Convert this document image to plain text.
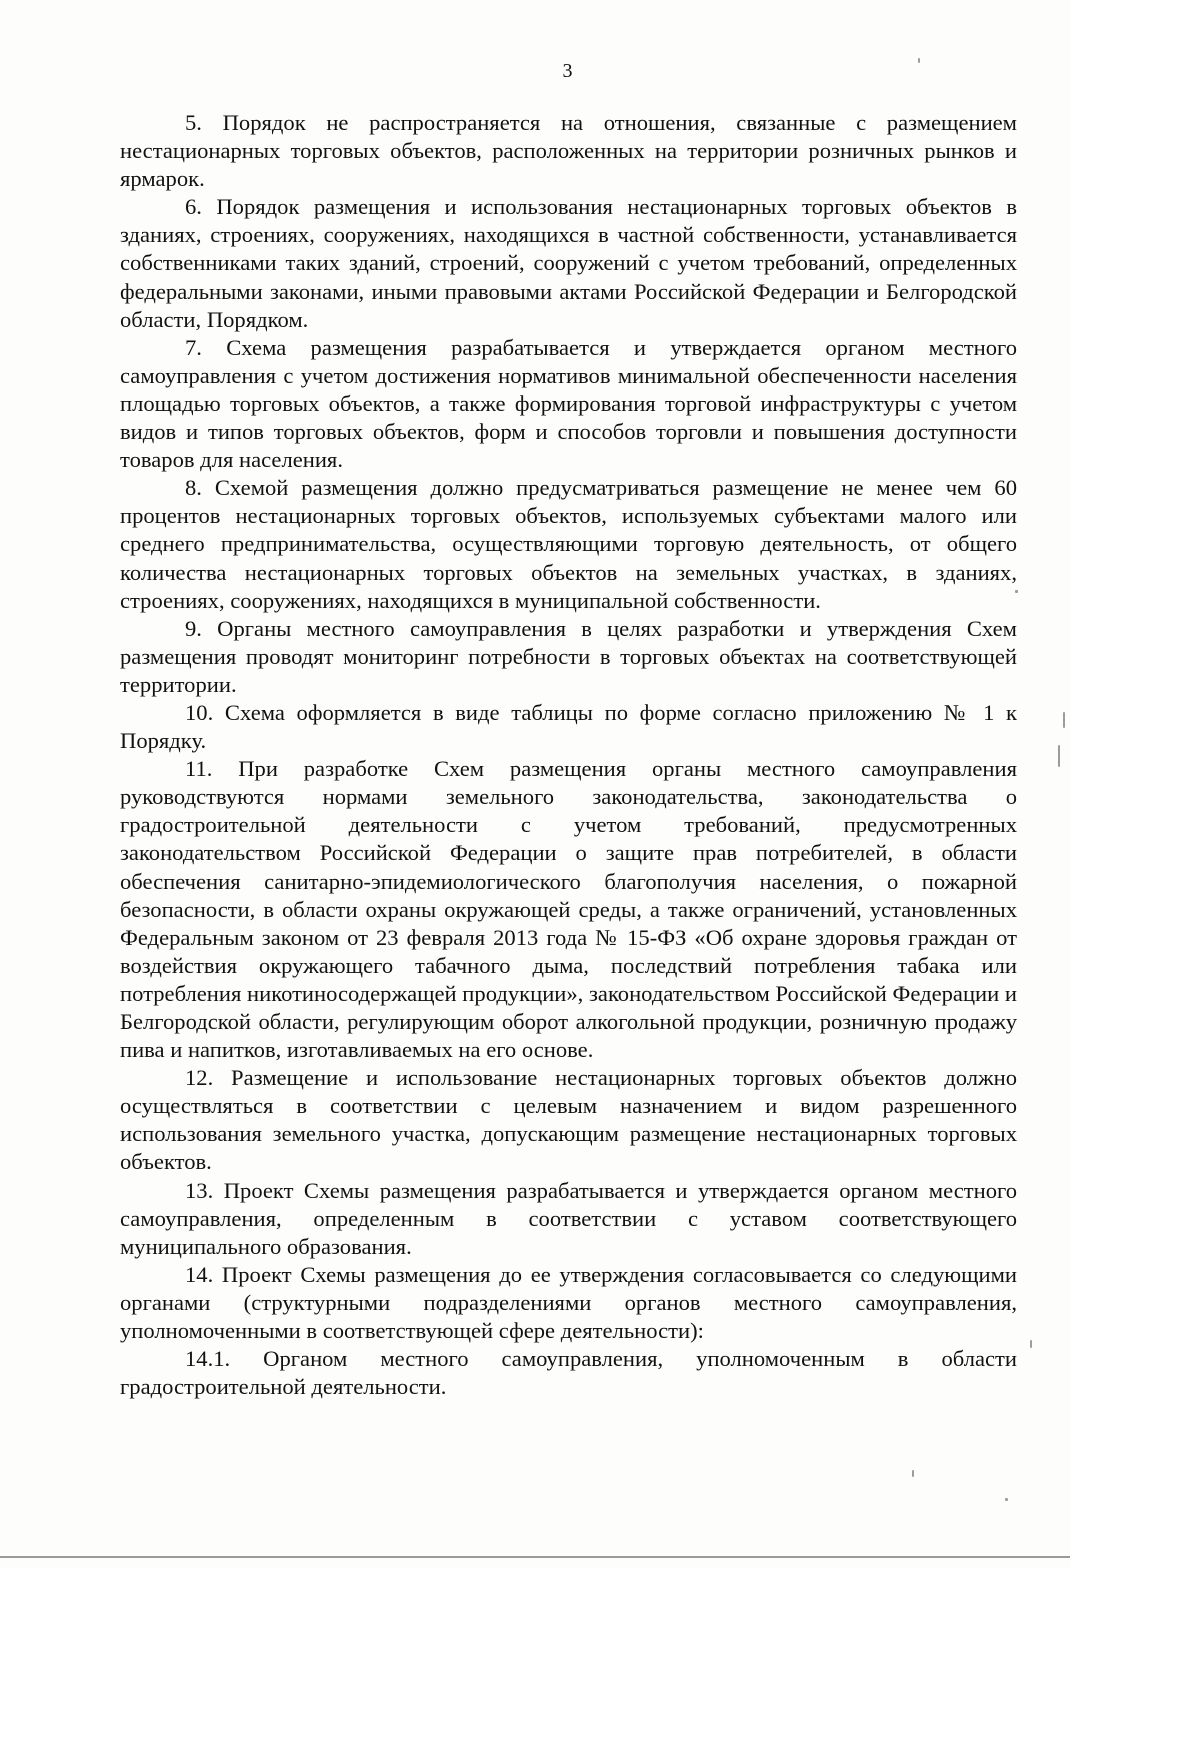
3

5. Порядок не распространяется на отношения, связанные с размещением нестационарных торговых объектов, расположенных на территории розничных рынков и ярмарок.

6. Порядок размещения и использования нестационарных торговых объектов в зданиях, строениях, сооружениях, находящихся в частной собственности, устанавливается собственниками таких зданий, строений, сооружений с учетом требований, определенных федеральными законами, иными правовыми актами Российской Федерации и Белгородской области, Порядком.

7. Схема размещения разрабатывается и утверждается органом местного самоуправления с учетом достижения нормативов минимальной обеспеченности населения площадью торговых объектов, а также формирования торговой инфраструктуры с учетом видов и типов торговых объектов, форм и способов торговли и повышения доступности товаров для населения.

8. Схемой размещения должно предусматриваться размещение не менее чем 60 процентов нестационарных торговых объектов, используемых субъектами малого или среднего предпринимательства, осуществляющими торговую деятельность, от общего количества нестационарных торговых объектов на земельных участках, в зданиях, строениях, сооружениях, находящихся в муниципальной собственности.

9. Органы местного самоуправления в целях разработки и утверждения Схем размещения проводят мониторинг потребности в торговых объектах на соответствующей территории.

10. Схема оформляется в виде таблицы по форме согласно приложению № 1 к Порядку.

11. При разработке Схем размещения органы местного самоуправления руководствуются нормами земельного законодательства, законодательства о градостроительной деятельности с учетом требований, предусмотренных законодательством Российской Федерации о защите прав потребителей, в области обеспечения санитарно-эпидемиологического благополучия населения, о пожарной безопасности, в области охраны окружающей среды, а также ограничений, установленных Федеральным законом от 23 февраля 2013 года № 15-ФЗ «Об охране здоровья граждан от воздействия окружающего табачного дыма, последствий потребления табака или потребления никотиносодержащей продукции», законодательством Российской Федерации и Белгородской области, регулирующим оборот алкогольной продукции, розничную продажу пива и напитков, изготавливаемых на его основе.

12. Размещение и использование нестационарных торговых объектов должно осуществляться в соответствии с целевым назначением и видом разрешенного использования земельного участка, допускающим размещение нестационарных торговых объектов.

13. Проект Схемы размещения разрабатывается и утверждается органом местного самоуправления, определенным в соответствии с уставом соответствующего муниципального образования.

14. Проект Схемы размещения до ее утверждения согласовывается со следующими органами (структурными подразделениями органов местного самоуправления, уполномоченными в соответствующей сфере деятельности):

14.1. Органом местного самоуправления, уполномоченным в области градостроительной деятельности.
